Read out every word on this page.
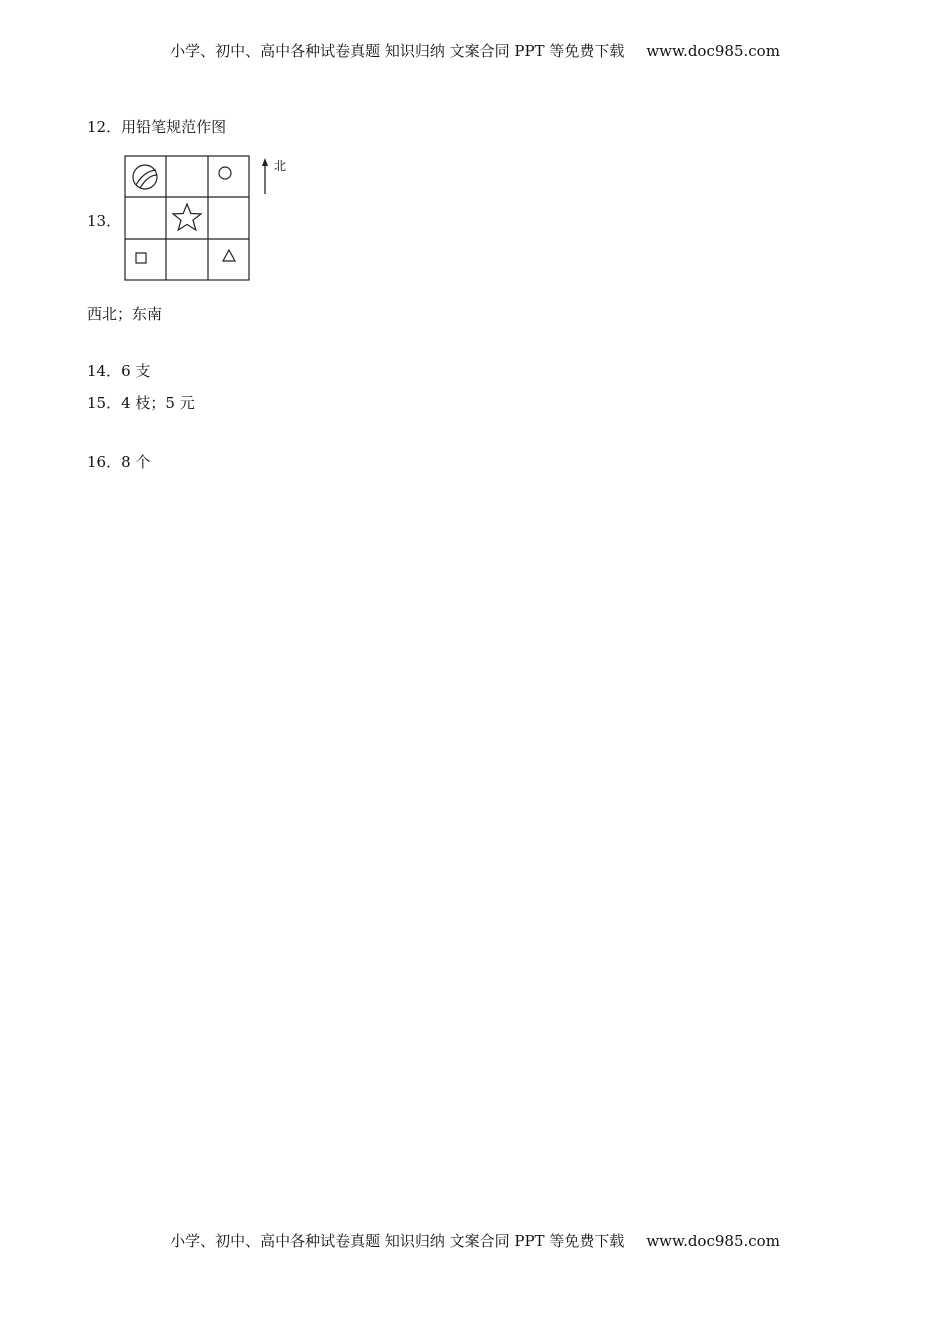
小学、初中、高中各种试卷真题 知识归纳 文案合同 PPT 等免费下载 www.doc985.com
12．用铅笔规范作图
13．
北
西北；东南
14．6 支
15．4 枝；5 元
16．8 个
小学、初中、高中各种试卷真题 知识归纳 文案合同 PPT 等免费下载 www.doc985.com
